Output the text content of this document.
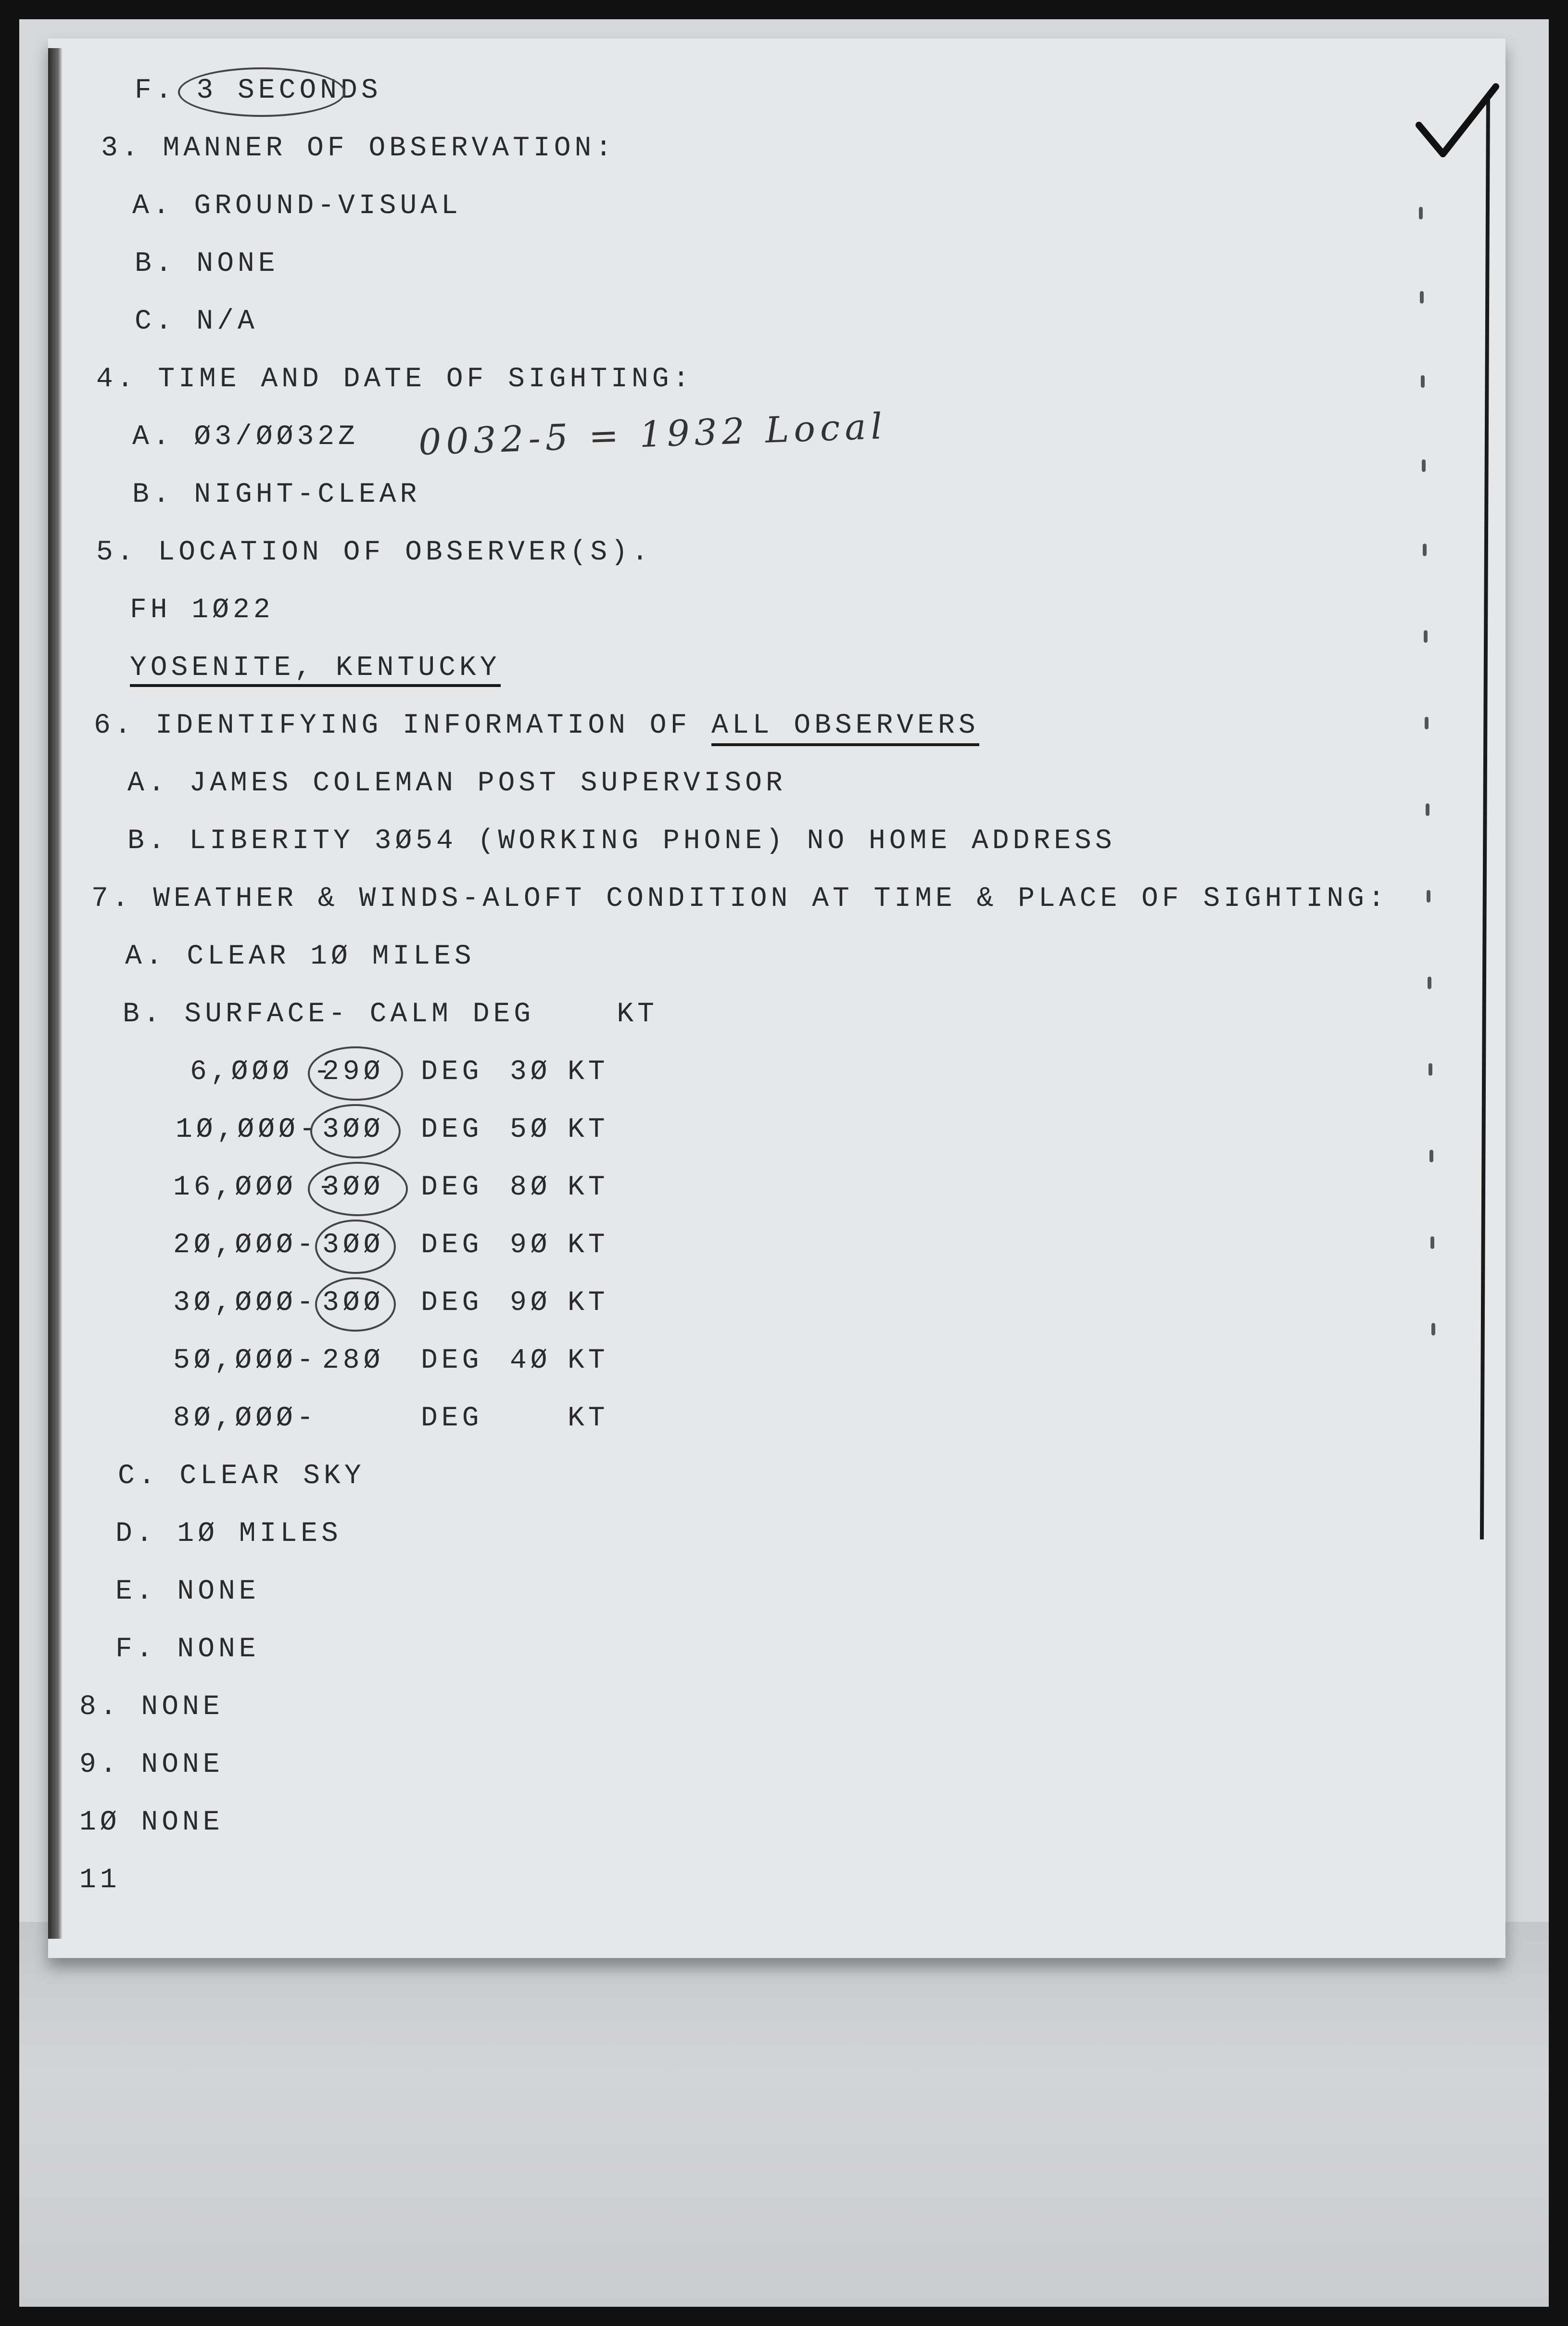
F. 3 SECONDS
3. MANNER OF OBSERVATION:
A. GROUND-VISUAL
B. NONE
C. N/A
4. TIME AND DATE OF SIGHTING:
A. Ø3/ØØ32Z
B. NIGHT-CLEAR
5. LOCATION OF OBSERVER(S).
FH 1Ø22
YOSENITE, KENTUCKY
6. IDENTIFYING INFORMATION OF ALL OBSERVERS
A. JAMES COLEMAN POST SUPERVISOR
B. LIBERITY 3Ø54 (WORKING PHONE) NO HOME ADDRESS
7. WEATHER & WINDS-ALOFT CONDITION AT TIME & PLACE OF SIGHTING:
A. CLEAR 1Ø MILES
B. SURFACE- CALM DEG    KT
6,ØØØ -
29Ø DEG 3Ø KT
1Ø,ØØØ- 3ØØ DEG 5Ø KT
16,ØØØ -
3ØØ DEG 8Ø KT
2Ø,ØØØ- 3ØØ DEG 9Ø KT
3Ø,ØØØ- 3ØØ DEG 9Ø KT
5Ø,ØØØ- 28Ø DEG 4Ø KT
8Ø,ØØØ-	DEG	KT
C. CLEAR SKY
D. 1Ø MILES
E. NONE
F. NONE
8. NONE
9. NONE
1Ø NONE
11
0032-5 = 1932 Local
